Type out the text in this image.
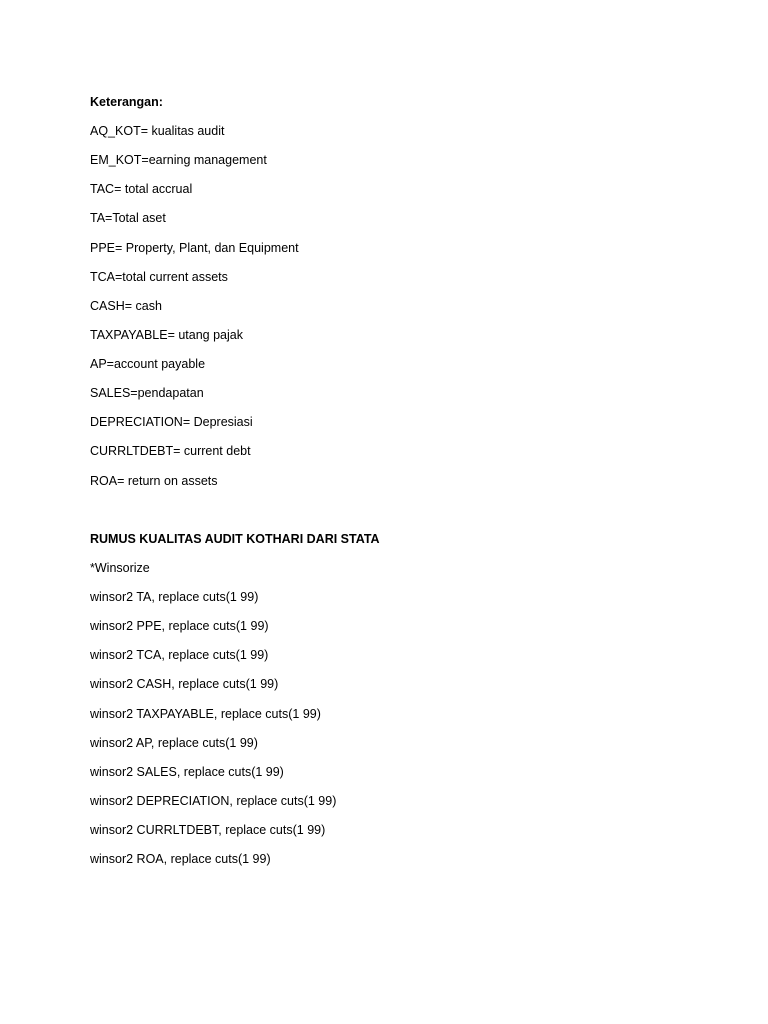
Keterangan:
AQ_KOT= kualitas audit
EM_KOT=earning management
TAC= total accrual
TA=Total aset
PPE= Property, Plant, dan Equipment
TCA=total current assets
CASH= cash
TAXPAYABLE= utang pajak
AP=account payable
SALES=pendapatan
DEPRECIATION= Depresiasi
CURRLTDEBT= current debt
ROA= return on assets
RUMUS KUALITAS AUDIT KOTHARI DARI STATA
*Winsorize
winsor2 TA, replace cuts(1 99)
winsor2 PPE, replace cuts(1 99)
winsor2 TCA, replace cuts(1 99)
winsor2 CASH, replace cuts(1 99)
winsor2 TAXPAYABLE, replace cuts(1 99)
winsor2 AP, replace cuts(1 99)
winsor2 SALES, replace cuts(1 99)
winsor2 DEPRECIATION, replace cuts(1 99)
winsor2 CURRLTDEBT, replace cuts(1 99)
winsor2 ROA, replace cuts(1 99)
